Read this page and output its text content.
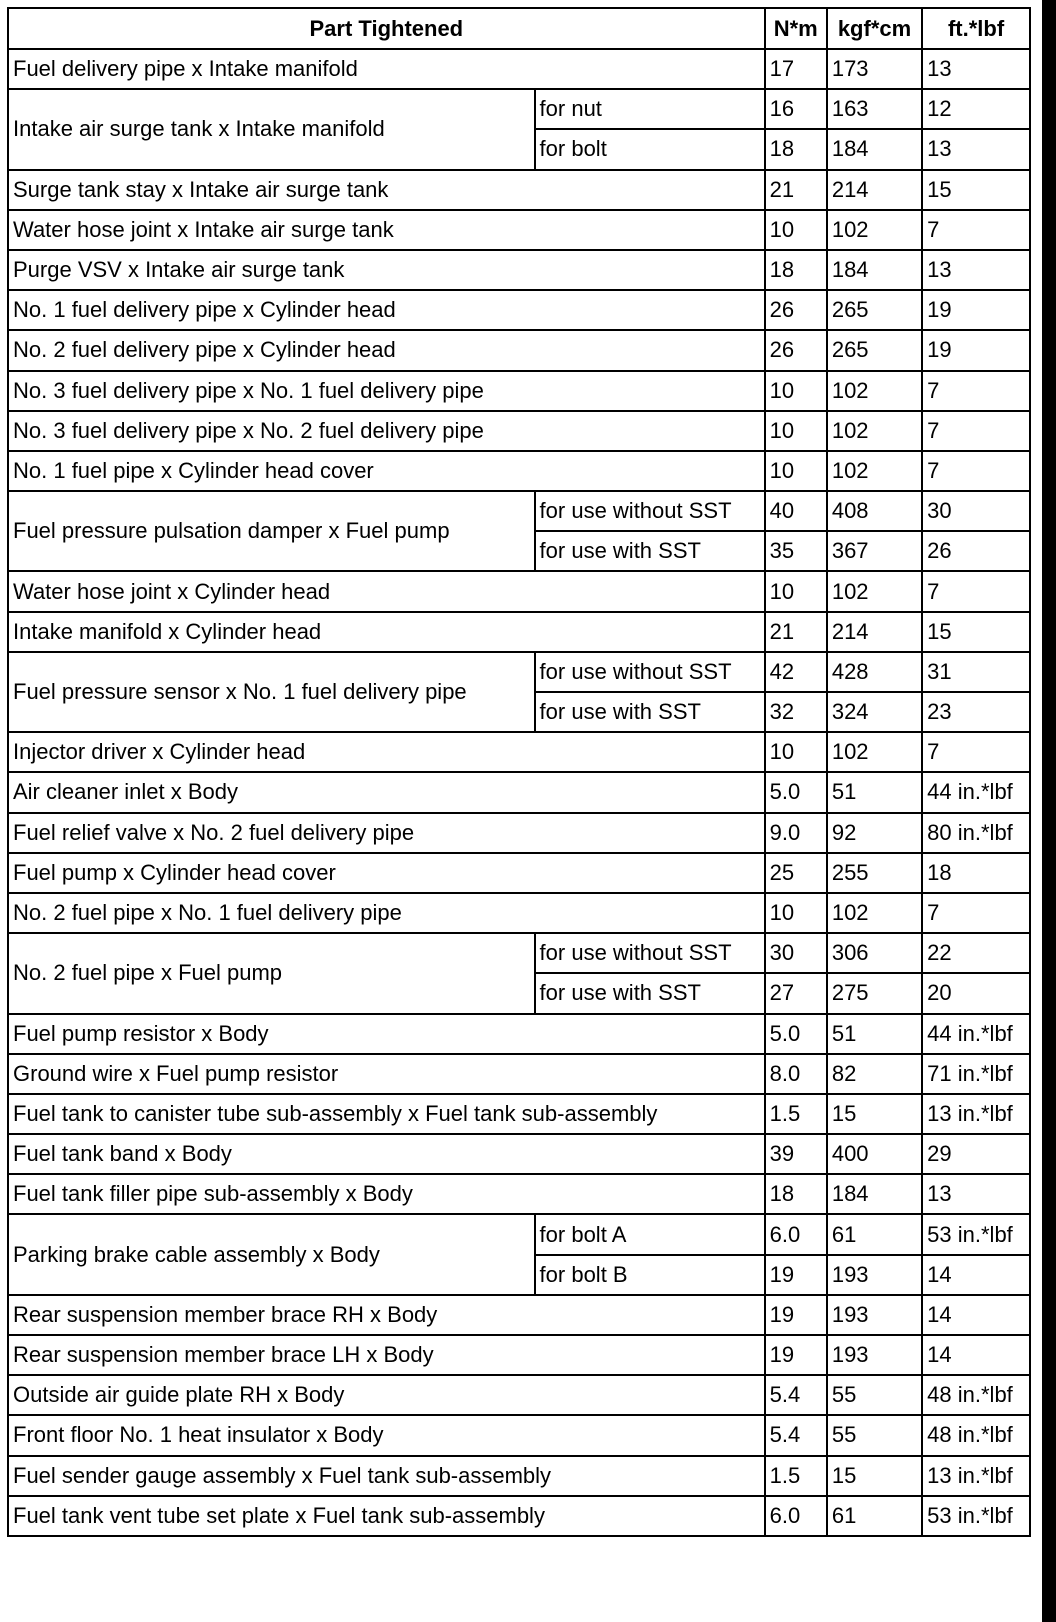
Part Tightened		N*m	kgf*cm	ft.*lbf
Fuel delivery pipe x Intake manifold		17	173	13
Intake air surge tank x Intake manifold	for nut	16	163	12
	for bolt	18	184	13
Surge tank stay x Intake air surge tank		21	214	15
Water hose joint x Intake air surge tank		10	102	7
Purge VSV x Intake air surge tank		18	184	13
No. 1 fuel delivery pipe x Cylinder head		26	265	19
No. 2 fuel delivery pipe x Cylinder head		26	265	19
No. 3 fuel delivery pipe x No. 1 fuel delivery pipe		10	102	7
No. 3 fuel delivery pipe x No. 2 fuel delivery pipe		10	102	7
No. 1 fuel pipe x Cylinder head cover		10	102	7
Fuel pressure pulsation damper x Fuel pump	for use without SST	40	408	30
	for use with SST	35	367	26
Water hose joint x Cylinder head		10	102	7
Intake manifold x Cylinder head		21	214	15
Fuel pressure sensor x No. 1 fuel delivery pipe	for use without SST	42	428	31
	for use with SST	32	324	23
Injector driver x Cylinder head		10	102	7
Air cleaner inlet x Body		5.0	51	44 in.*lbf
Fuel relief valve x No. 2 fuel delivery pipe		9.0	92	80 in.*lbf
Fuel pump x Cylinder head cover		25	255	18
No. 2 fuel pipe x No. 1 fuel delivery pipe		10	102	7
No. 2 fuel pipe x Fuel pump	for use without SST	30	306	22
	for use with SST	27	275	20
Fuel pump resistor x Body		5.0	51	44 in.*lbf
Ground wire x Fuel pump resistor		8.0	82	71 in.*lbf
Fuel tank to canister tube sub-assembly x Fuel tank sub-assembly		1.5	15	13 in.*lbf
Fuel tank band x Body		39	400	29
Fuel tank filler pipe sub-assembly x Body		18	184	13
Parking brake cable assembly x Body	for bolt A	6.0	61	53 in.*lbf
	for bolt B	19	193	14
Rear suspension member brace RH x Body		19	193	14
Rear suspension member brace LH x Body		19	193	14
Outside air guide plate RH x Body		5.4	55	48 in.*lbf
Front floor No. 1 heat insulator x Body		5.4	55	48 in.*lbf
Fuel sender gauge assembly x Fuel tank sub-assembly		1.5	15	13 in.*lbf
Fuel tank vent tube set plate x Fuel tank sub-assembly		6.0	61	53 in.*lbf
